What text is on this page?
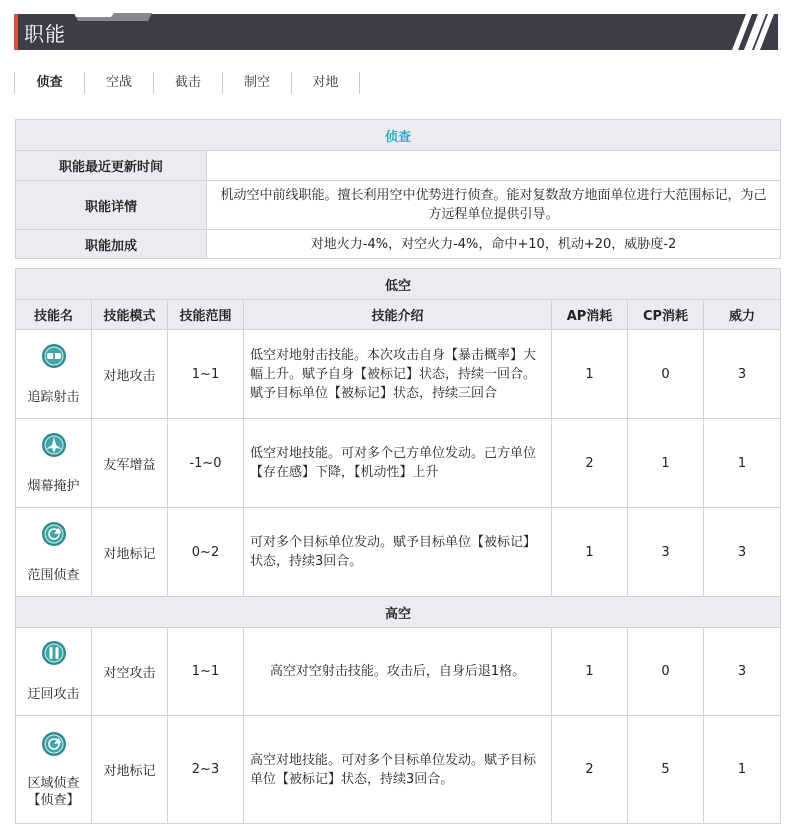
职能
侦查	空战	截击	制空	对地
侦查	
职能最近更新时间	
职能详情	机动空中前线职能。擅长利用空中优势进行侦查。能对复数敌方地面单位进行大范围标记，为己方远程单位提供引导。
职能加成	对地火力-4%，对空火力-4%，命中+10，机动+20，威胁度-2
低空						
技能名	技能模式	技能范围	技能介绍	AP消耗	CP消耗	威力

追踪射击	对地攻击	1~1	低空对地射击技能。本次攻击自身【暴击概率】大幅上升。赋予自身【被标记】状态，持续一回合。赋予目标单位【被标记】状态，持续三回合	1	0	3

烟幕掩护	友军增益	-1~0	低空对地技能。可对多个己方单位发动。己方单位【存在感】下降，【机动性】上升	2	1	1

范围侦查	对地标记	0~2	可对多个目标单位发动。赋予目标单位【被标记】状态，持续3回合。	1	3	3
高空						

迂回攻击	对空攻击	1~1	高空对空射击技能。攻击后，自身后退1格。	1	0	3

区域侦查【侦查】	对地标记	2~3	高空对地技能。可对多个目标单位发动。赋予目标单位【被标记】状态，持续3回合。	2	5	1
